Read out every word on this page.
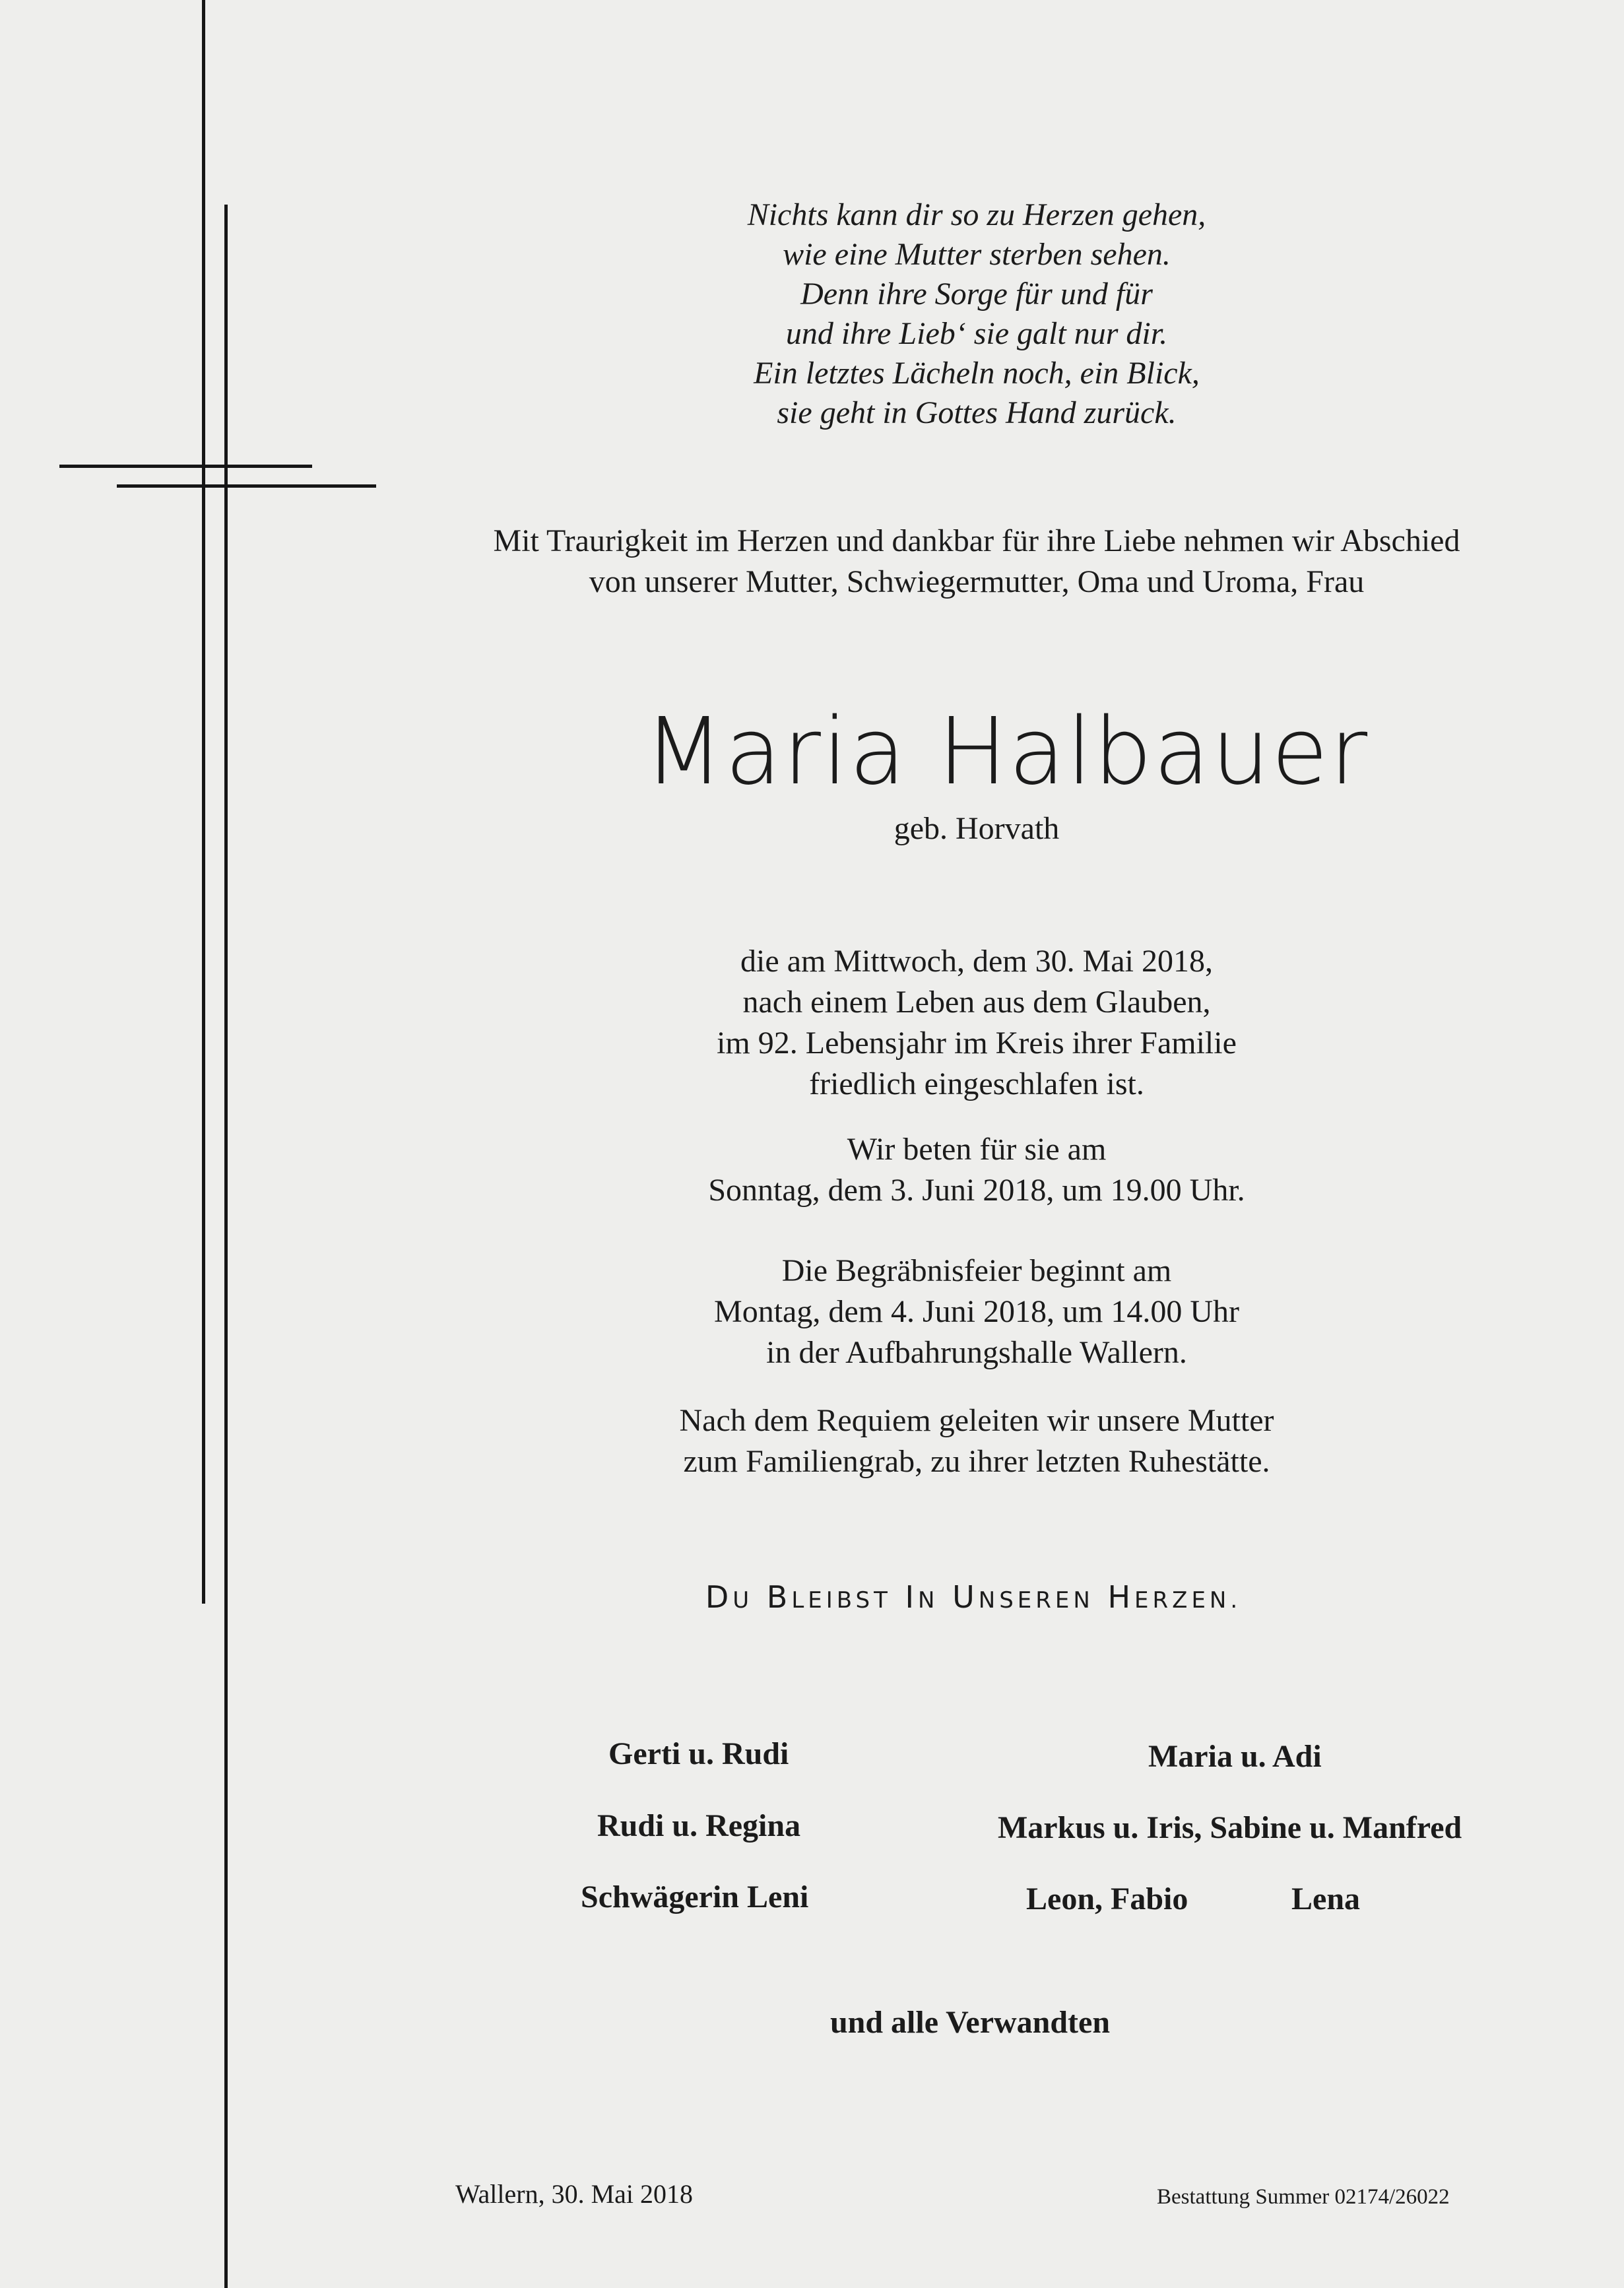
Nichts kann dir so zu Herzen gehen,
wie eine Mutter sterben sehen.
Denn ihre Sorge für und für
und ihre Lieb‘ sie galt nur dir.
Ein letztes Lächeln noch, ein Blick,
sie geht in Gottes Hand zurück.
Mit Traurigkeit im Herzen und dankbar für ihre Liebe nehmen wir Abschied
von unserer Mutter, Schwiegermutter, Oma und Uroma, Frau
Maria Halbauer
geb. Horvath
die am Mittwoch, dem 30. Mai 2018,
nach einem Leben aus dem Glauben,
im 92. Lebensjahr im Kreis ihrer Familie
friedlich eingeschlafen ist.
Wir beten für sie am
Sonntag, dem 3. Juni 2018, um 19.00 Uhr.
Die Begräbnisfeier beginnt am
Montag, dem 4. Juni 2018, um 14.00 Uhr
in der Aufbahrungshalle Wallern.
Nach dem Requiem geleiten wir unsere Mutter
zum Familiengrab, zu ihrer letzten Ruhestätte.
DU BLEIBST IN UNSEREN HERZEN.
Gerti u. Rudi
Rudi u. Regina
Schwägerin Leni
Maria u. Adi
Markus u. Iris, Sabine u. Manfred
Leon, Fabio	Lena
und alle Verwandten
Wallern, 30. Mai 2018	Bestattung Summer 02174/26022
